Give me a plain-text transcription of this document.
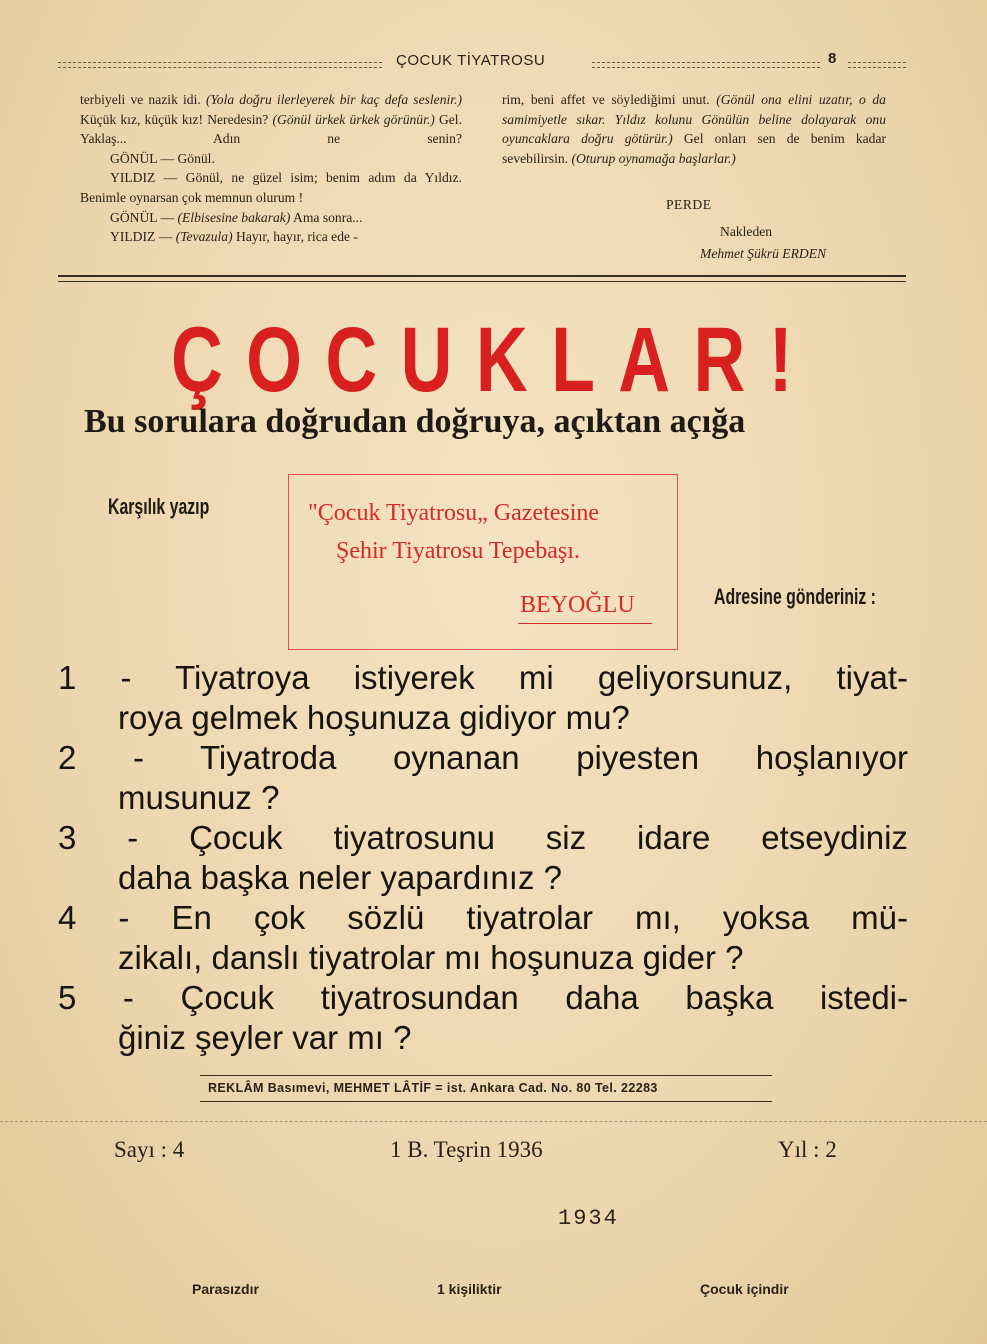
ÇOCUK TİYATROSU	8

terbiyeli ve nazik idi. (Yola doğru ilerleyerek bir kaç defa seslenir.) Küçük kız, küçük kız! Neredesin? (Gönül ürkek ürkek görünür.) Gel. Yaklaş... Adın ne senin?

GÖNÜL — Gönül.

YILDIZ — Gönül, ne güzel isim; benim adım da Yıldız. Benimle oynarsan çok memnun olurum !

GÖNÜL — (Elbisesine bakarak) Ama sonra...

YILDIZ — (Tevazula) Hayır, hayır, rica ede -

rim, beni affet ve söylediğimi unut. (Gönül ona elini uzatır, o da samimiyetle sıkar. Yıldız kolunu Gönülün beline dolayarak onu oyuncaklara doğru götürür.) Gel onları sen de benim kadar sevebilirsin. (Oturup oynamağa başlarlar.)

PERDE
Nakleden
Mehmet Şükrü ERDEN
ÇOCUKLAR!
Bu sorulara doğrudan doğruya, açıktan açığa
"Çocuk Tiyatrosu„ Gazetesine
Şehir Tiyatrosu Tepebaşı.
BEYOĞLU
Karşılık yazıp
Adresine gönderiniz :
1 - Tiyatroya istiyerek mi geliyorsunuz, tiyat-
roya gelmek hoşunuza gidiyor mu?
2 - Tiyatroda oynanan piyesten hoşlanıyor
musunuz ?
3 - Çocuk tiyatrosunu siz idare etseydiniz
daha başka neler yapardınız ?
4 - En çok sözlü tiyatrolar mı, yoksa mü-
zikalı, danslı tiyatrolar mı hoşunuza gider ?
5 - Çocuk tiyatrosundan daha başka istedi-
ğiniz şeyler var mı ?
REKLÂM Basımevi, MEHMET LÂTİF = ist. Ankara Cad. No. 80 Tel. 22283
Sayı : 4	1 B. Teşrin 1936	Yıl : 2
1934
Parasızdır	1 kişiliktir	Çocuk içindir
